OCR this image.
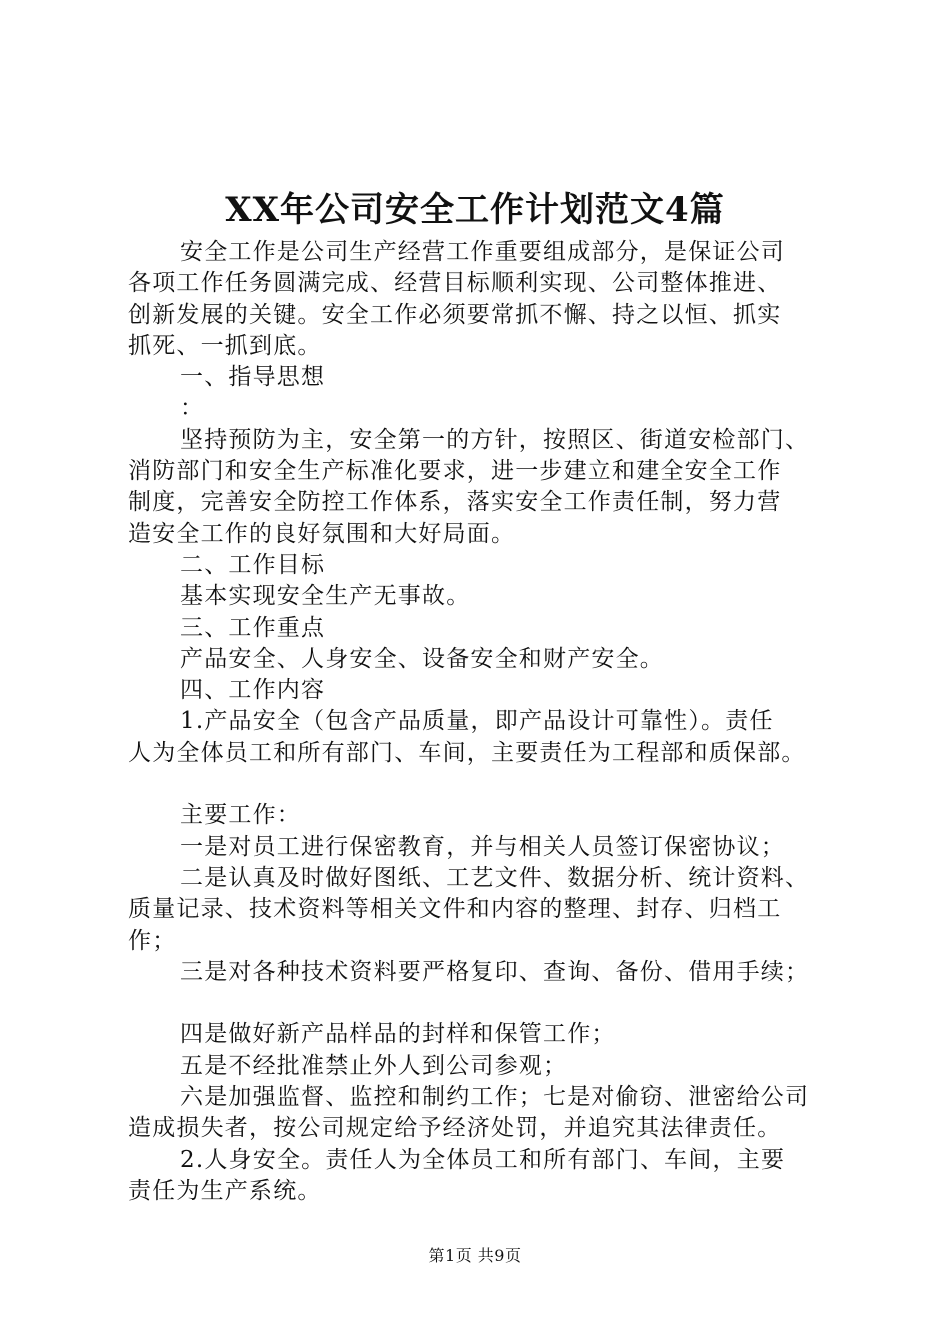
XX年公司安全工作计划范文4篇
安全工作是公司生产经营工作重要组成部分，是保证公司
各项工作任务圆满完成、经营目标顺利实现、公司整体推进、
创新发展的关键。安全工作必须要常抓不懈、持之以恒、抓实
抓死、一抓到底。
一、指导思想
：
坚持预防为主，安全第一的方针，按照区、街道安检部门、
消防部门和安全生产标准化要求，进一步建立和建全安全工作
制度，完善安全防控工作体系，落实安全工作责任制，努力营
造安全工作的良好氛围和大好局面。
二、工作目标
基本实现安全生产无事故。
三、工作重点
产品安全、人身安全、设备安全和财产安全。
四、工作内容
1.产品安全（包含产品质量，即产品设计可靠性）。责任
人为全体员工和所有部门、车间，主要责任为工程部和质保部。
主要工作：
一是对员工进行保密教育，并与相关人员签订保密协议；
二是认真及时做好图纸、工艺文件、数据分析、统计资料、
质量记录、技术资料等相关文件和内容的整理、封存、归档工
作；
三是对各种技术资料要严格复印、查询、备份、借用手续；
四是做好新产品样品的封样和保管工作；
五是不经批准禁止外人到公司参观；
六是加强监督、监控和制约工作；七是对偷窃、泄密给公司
造成损失者，按公司规定给予经济处罚，并追究其法律责任。
2.人身安全。责任人为全体员工和所有部门、车间，主要
责任为生产系统。
第1页 共9页
